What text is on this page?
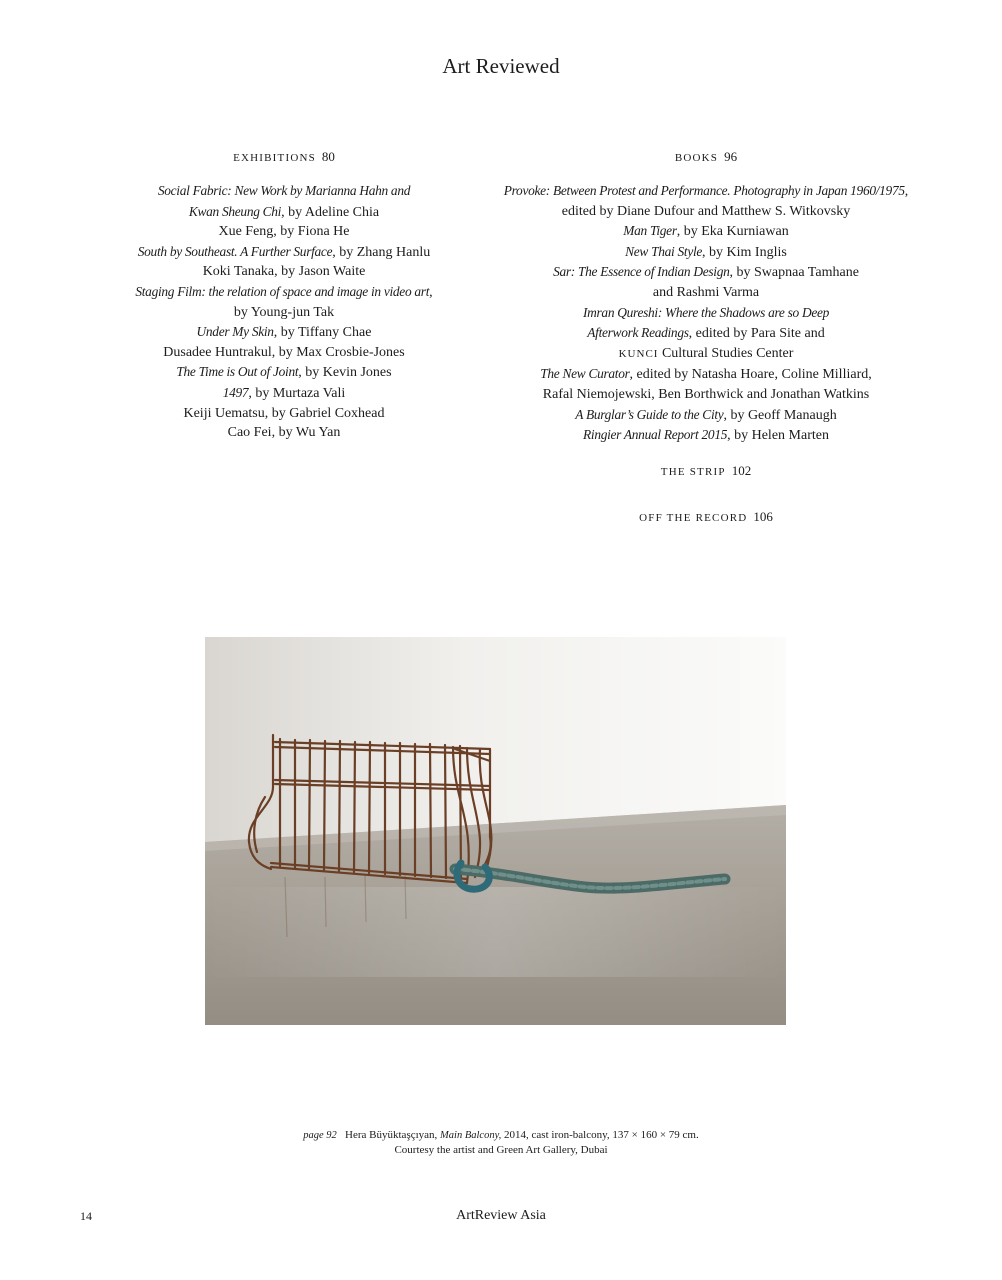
Art Reviewed
EXHIBITIONS 80
Social Fabric: New Work by Marianna Hahn and
Kwan Sheung Chi, by Adeline Chia
Xue Feng, by Fiona He
South by Southeast. A Further Surface, by Zhang Hanlu
Koki Tanaka, by Jason Waite
Staging Film: the relation of space and image in video art,
by Young-jun Tak
Under My Skin, by Tiffany Chae
Dusadee Huntrakul, by Max Crosbie-Jones
The Time is Out of Joint, by Kevin Jones
1497, by Murtaza Vali
Keiji Uematsu, by Gabriel Coxhead
Cao Fei, by Wu Yan
BOOKS 96
Provoke: Between Protest and Performance. Photography in Japan 1960/1975,
edited by Diane Dufour and Matthew S. Witkovsky
Man Tiger, by Eka Kurniawan
New Thai Style, by Kim Inglis
Sar: The Essence of Indian Design, by Swapnaa Tamhane
and Rashmi Varma
Imran Qureshi: Where the Shadows are so Deep
Afterwork Readings, edited by Para Site and
KUNCI Cultural Studies Center
The New Curator, edited by Natasha Hoare, Coline Milliard,
Rafal Niemojewski, Ben Borthwick and Jonathan Watkins
A Burglar’s Guide to the City, by Geoff Manaugh
Ringier Annual Report 2015, by Helen Marten
THE STRIP 102
OFF THE RECORD 106
page 92 Hera Büyüktaşçıyan, Main Balcony, 2014, cast iron-balcony, 137 × 160 × 79 cm.
Courtesy the artist and Green Art Gallery, Dubai
14	ArtReview Asia
